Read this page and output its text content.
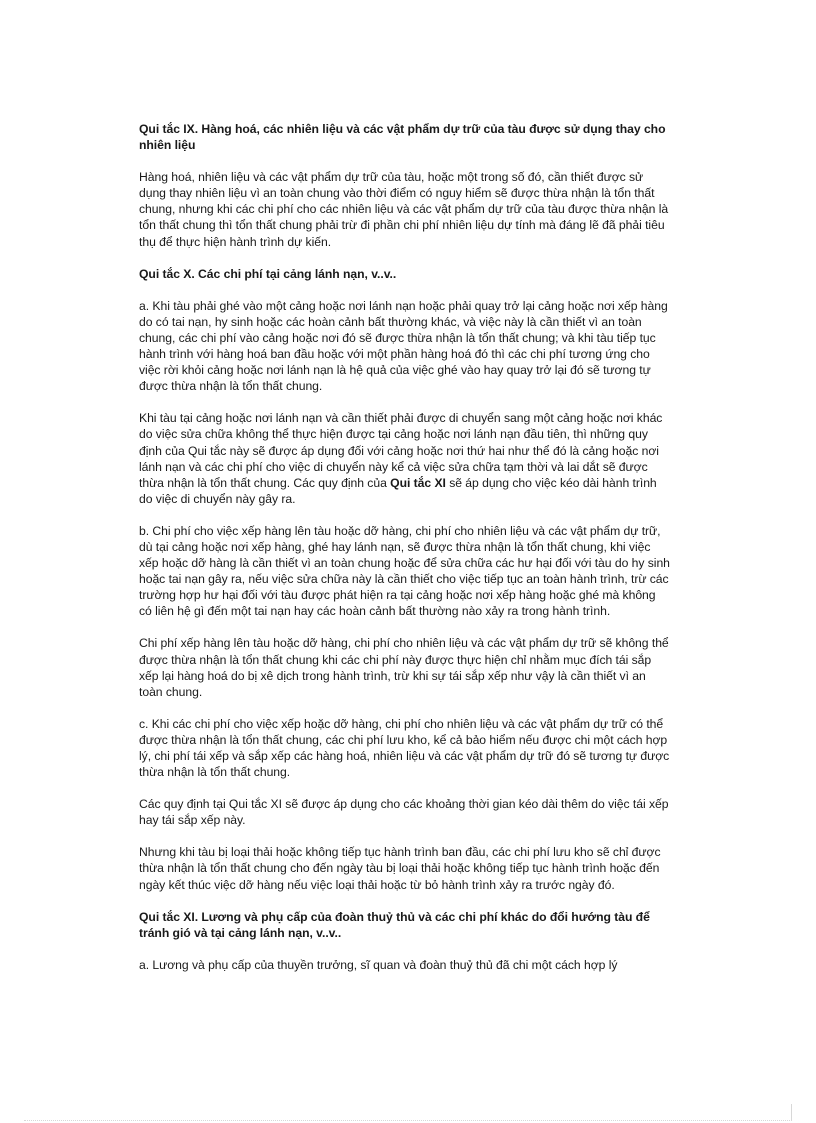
Qui tắc IX. Hàng hoá, các nhiên liệu và các vật phẩm dự trữ của tàu được sử dụng thay cho nhiên liệu

Hàng hoá, nhiên liệu và các vật phẩm dự trữ của tàu, hoặc một trong số đó, cần thiết được sử dụng thay nhiên liệu vì an toàn chung vào thời điểm có nguy hiểm sẽ được thừa nhận là tổn thất chung, nhưng khi các chi phí cho các nhiên liệu và các vật phẩm dự trữ của tàu được thừa nhận là tổn thất chung thì tổn thất chung phải trừ đi phần chi phí nhiên liệu dự tính mà đáng lẽ đã phải tiêu thụ để thực hiện hành trình dự kiến.

Qui tắc X. Các chi phí tại cảng lánh nạn, v..v..

a. Khi tàu phải ghé vào một cảng hoặc nơi lánh nạn hoặc phải quay trở lại cảng hoặc nơi xếp hàng do có tai nạn, hy sinh hoặc các hoàn cảnh bất thường khác, và việc này là cần thiết vì an toàn chung, các chi phí vào cảng hoặc nơi đó sẽ được thừa nhận là tổn thất chung; và khi tàu tiếp tục hành trình với hàng hoá ban đầu hoặc với một phần hàng hoá đó thì các chi phí tương ứng cho việc rời khỏi cảng hoặc nơi lánh nạn là hệ quả của việc ghé vào hay quay trở lại đó sẽ tương tự được thừa nhận là tổn thất chung.

Khi tàu tại cảng hoặc nơi lánh nạn và cần thiết phải được di chuyển sang một cảng hoặc nơi khác do việc sửa chữa không thể thực hiện được tại cảng hoặc nơi lánh nạn đầu tiên, thì những quy định của Qui tắc này sẽ được áp dụng đối với cảng hoặc nơi thứ hai như thể đó là cảng hoặc nơi lánh nạn và các chi phí cho việc di chuyển này kể cả việc sửa chữa tạm thời và lai dắt sẽ được thừa nhận là tổn thất chung. Các quy định của Qui tắc XI sẽ áp dụng cho việc kéo dài hành trình do việc di chuyển này gây ra.

b. Chi phí cho việc xếp hàng lên tàu hoặc dỡ hàng, chi phí cho nhiên liệu và các vật phẩm dự trữ, dù tại cảng hoặc nơi xếp hàng, ghé hay lánh nạn, sẽ được thừa nhận là tổn thất chung, khi việc xếp hoặc dỡ hàng là cần thiết vì an toàn chung hoặc để sửa chữa các hư hại đối với tàu do hy sinh hoặc tai nạn gây ra, nếu việc sửa chữa này là cần thiết cho việc tiếp tục an toàn hành trình, trừ các trường hợp hư hại đối với tàu được phát hiện ra tại cảng hoặc nơi xếp hàng hoặc ghé mà không có liên hệ gì đến một tai nạn hay các hoàn cảnh bất thường nào xảy ra trong hành trình.

Chi phí xếp hàng lên tàu hoặc dỡ hàng, chi phí cho nhiên liệu và các vật phẩm dự trữ sẽ không thể được thừa nhận là tổn thất chung khi các chi phí này được thực hiện chỉ nhằm mục đích tái sắp xếp lại hàng hoá do bị xê dịch trong hành trình, trừ khi sự tái sắp xếp như vậy là cần thiết vì an toàn chung.

c. Khi các chi phí cho việc xếp hoặc dỡ hàng, chi phí cho nhiên liệu và các vật phẩm dự trữ có thể được thừa nhận là tổn thất chung, các chi phí lưu kho, kể cả bảo hiểm nếu được chi một cách hợp lý, chi phí tái xếp và sắp xếp các hàng hoá, nhiên liệu và các vật phẩm dự trữ đó sẽ tương tự được thừa nhận là tổn thất chung.

Các quy định tại Qui tắc XI sẽ được áp dụng cho các khoảng thời gian kéo dài thêm do việc tái xếp hay tái sắp xếp này.

Nhưng khi tàu bị loại thải hoặc không tiếp tục hành trình ban đầu, các chi phí lưu kho sẽ chỉ được thừa nhận là tổn thất chung cho đến ngày tàu bị loại thải hoặc không tiếp tục hành trình hoặc đến ngày kết thúc việc dỡ hàng nếu việc loại thải hoặc từ bỏ hành trình xảy ra trước ngày đó.

Qui tắc XI. Lương và phụ cấp của đoàn thuỷ thủ và các chi phí khác do đổi hướng tàu để tránh gió và tại cảng lánh nạn, v..v..

a. Lương và phụ cấp của thuyền trưởng, sĩ quan và đoàn thuỷ thủ đã chi một cách hợp lý
